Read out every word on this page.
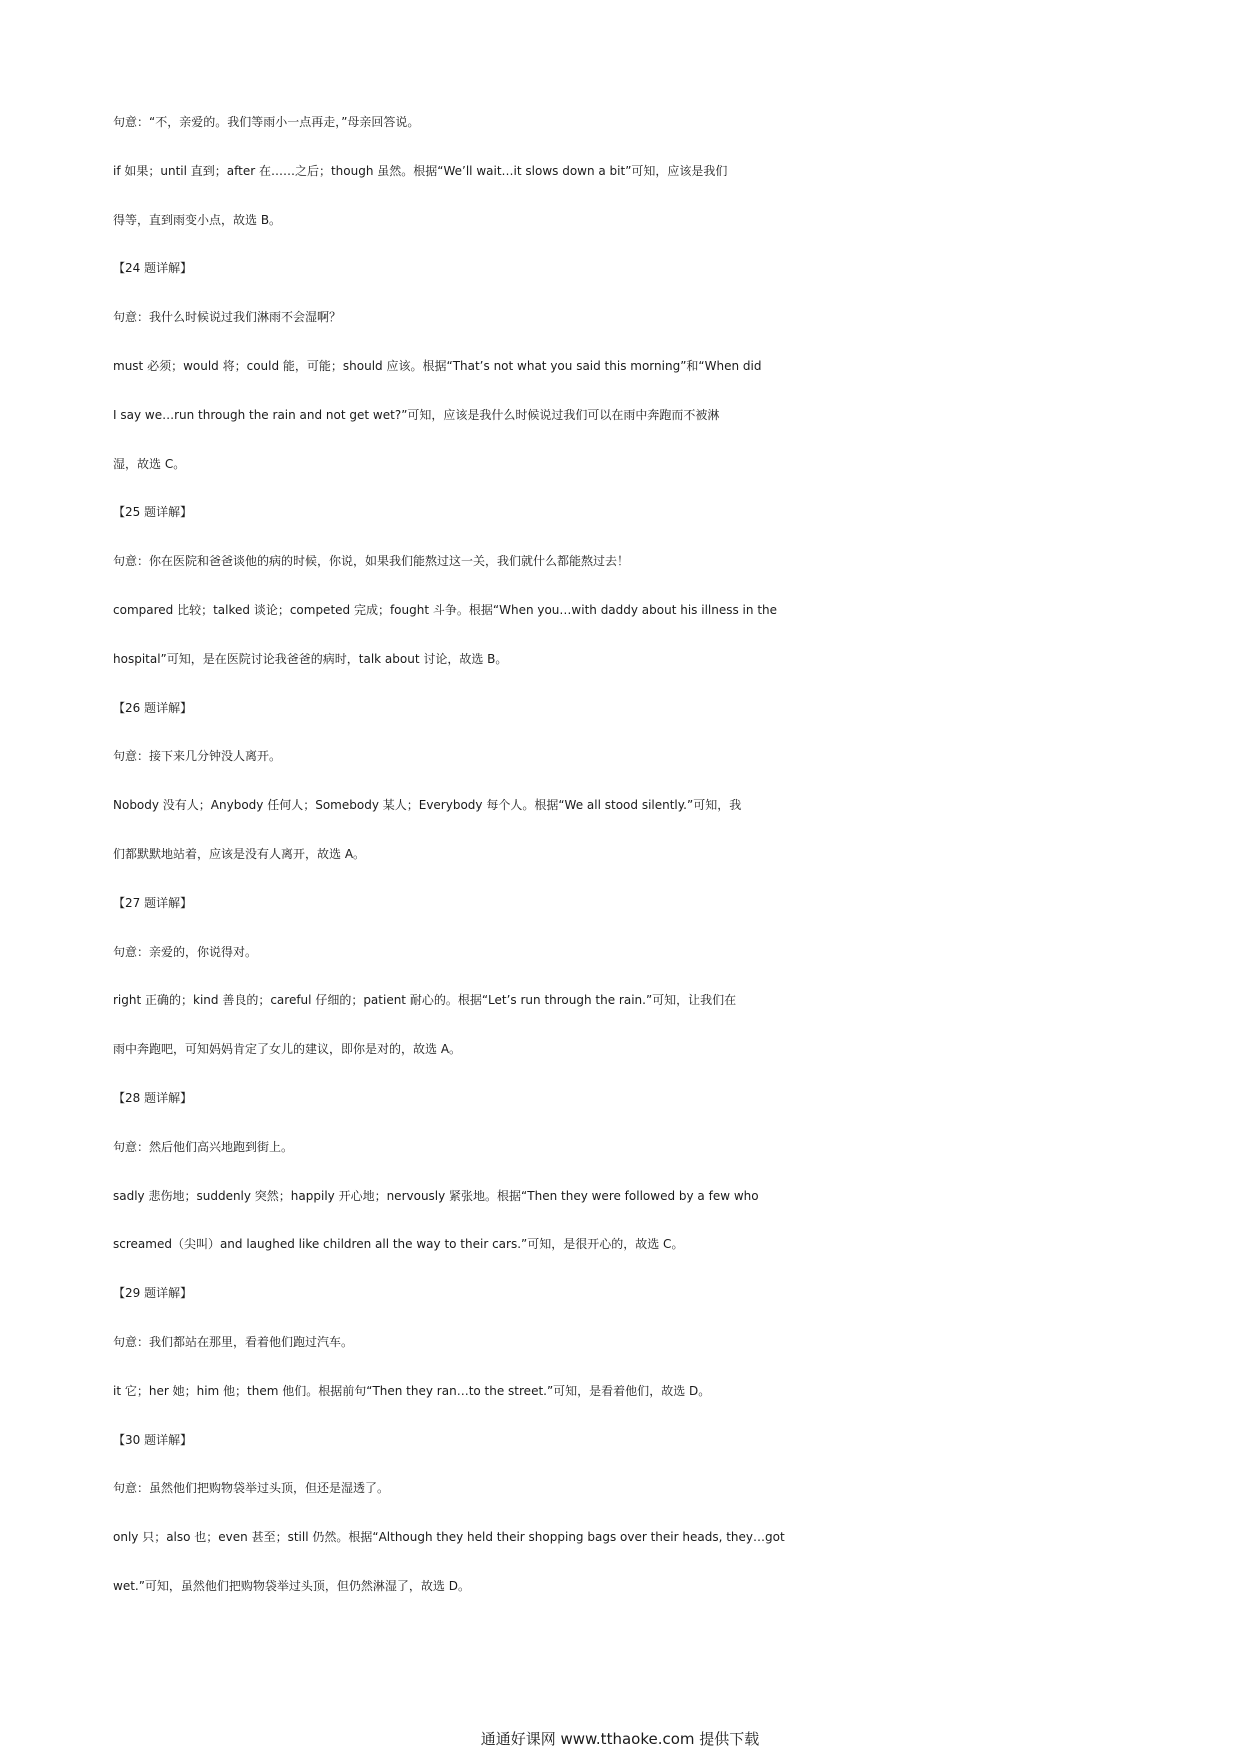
句意：“不，亲爱的。我们等雨小一点再走，”母亲回答说。
if 如果；until 直到；after 在……之后；though 虽然。根据“We’ll wait…it slows down a bit”可知，应该是我们
得等，直到雨变小点，故选 B。
【24 题详解】
句意：我什么时候说过我们淋雨不会湿啊？
must 必须；would 将；could 能，可能；should 应该。根据“That’s not what you said this morning”和“When did
I say we…run through the rain and not get wet?”可知，应该是我什么时候说过我们可以在雨中奔跑而不被淋
湿，故选 C。
【25 题详解】
句意：你在医院和爸爸谈他的病的时候，你说，如果我们能熬过这一关，我们就什么都能熬过去！
compared 比较；talked 谈论；competed 完成；fought 斗争。根据“When you…with daddy about his illness in the
hospital”可知，是在医院讨论我爸爸的病时，talk about 讨论，故选 B。
【26 题详解】
句意：接下来几分钟没人离开。
Nobody 没有人；Anybody 任何人；Somebody 某人；Everybody 每个人。根据“We all stood silently.”可知，我
们都默默地站着，应该是没有人离开，故选 A。
【27 题详解】
句意：亲爱的，你说得对。
right 正确的；kind 善良的；careful 仔细的；patient 耐心的。根据“Let’s run through the rain.”可知，让我们在
雨中奔跑吧，可知妈妈肯定了女儿的建议，即你是对的，故选 A。
【28 题详解】
句意：然后他们高兴地跑到街上。
sadly 悲伤地；suddenly 突然；happily 开心地；nervously 紧张地。根据“Then they were followed by a few who
screamed（尖叫）and laughed like children all the way to their cars.”可知，是很开心的，故选 C。
【29 题详解】
句意：我们都站在那里，看着他们跑过汽车。
it 它；her 她；him 他；them 他们。根据前句“Then they ran…to the street.”可知，是看着他们，故选 D。
【30 题详解】
句意：虽然他们把购物袋举过头顶，但还是湿透了。
only 只；also 也；even 甚至；still 仍然。根据“Although they held their shopping bags over their heads, they…got
wet.”可知，虽然他们把购物袋举过头顶，但仍然淋湿了，故选 D。
通通好课网 www.tthaoke.com 提供下载
